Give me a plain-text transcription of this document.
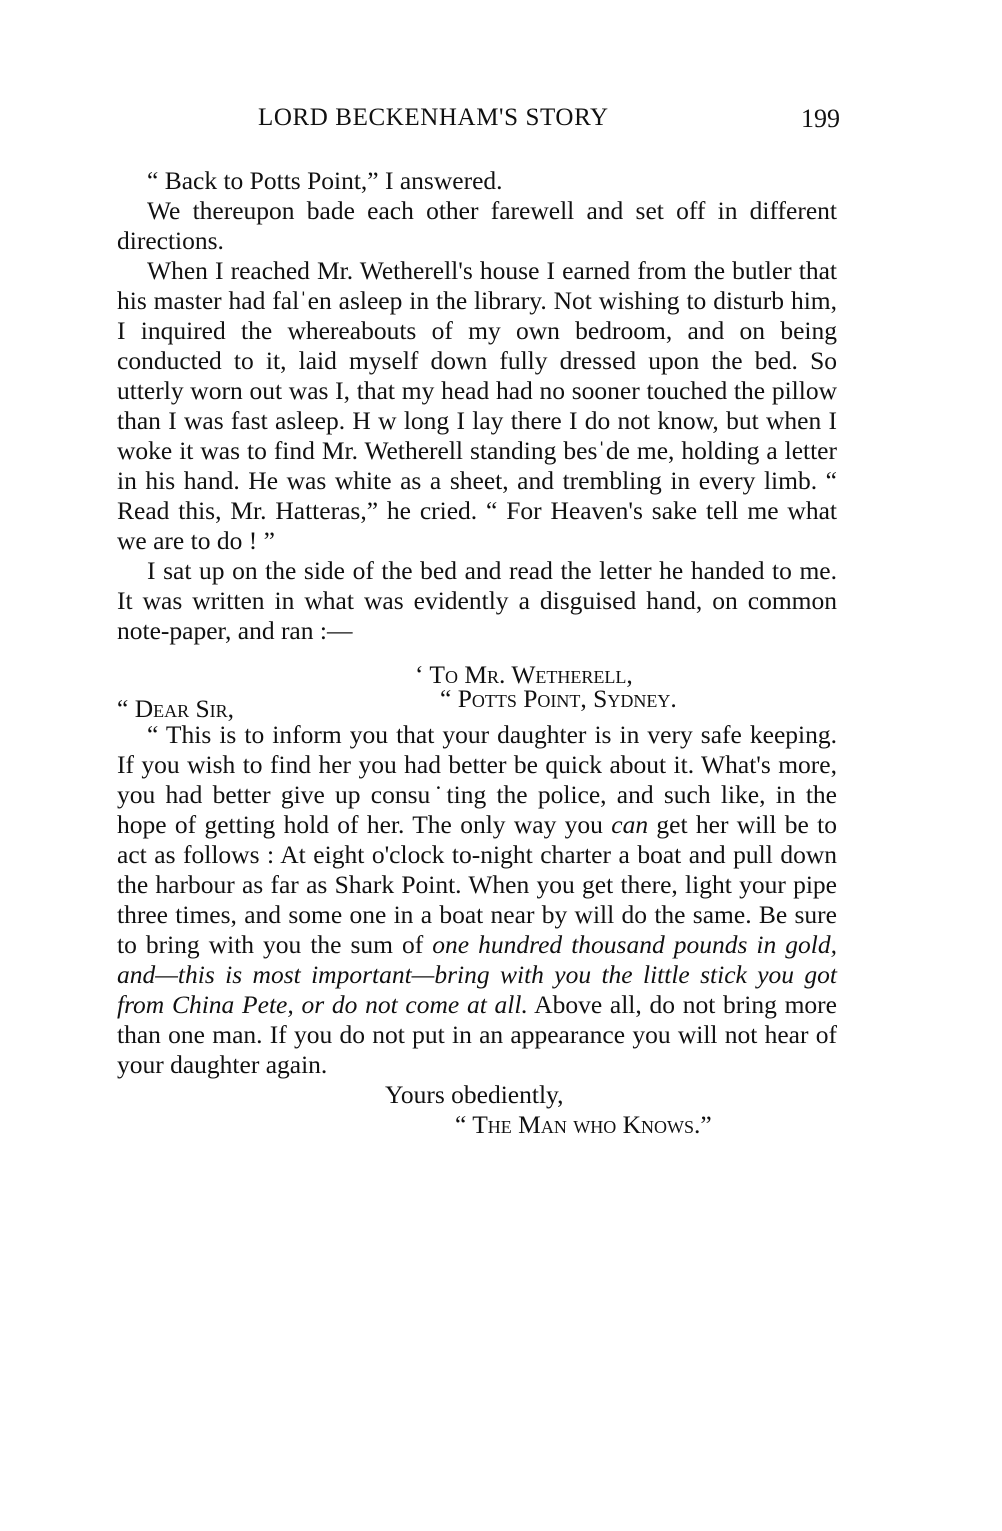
LORD BECKENHAM'S STORY	199

“ Back to Potts Point,” I answered.

We thereupon bade each other farewell and set off in different directions.

When I reached Mr. Wetherell's house I earned from the butler that his master had falˈen asleep in the library. Not wishing to disturb him, I inquired the whereabouts of my own bedroom, and on being conducted to it, laid myself down fully dressed upon the bed. So utterly worn out was I, that my head had no sooner touched the pillow than I was fast asleep. H w long I lay there I do not know, but when I woke it was to find Mr. Wetherell standing besˈde me, holding a letter in his hand. He was white as a sheet, and trembling in every limb. “ Read this, Mr. Hatteras,” he cried. “ For Heaven's sake tell me what we are to do ! ”

I sat up on the side of the bed and read the letter he handed to me. It was written in what was evidently a disguised hand, on common note-paper, and ran :—

‘ To Mr. Wetherell,

“ Dear Sir,	“ Potts Point, Sydney.

“ This is to inform you that your daughter is in very safe keeping. If you wish to find her you had better be quick about it. What's more, you had better give up consu˙ting the police, and such like, in the hope of getting hold of her. The only way you can get her will be to act as follows : At eight o'clock to-night charter a boat and pull down the harbour as far as Shark Point. When you get there, light your pipe three times, and some one in a boat near by will do the same. Be sure to bring with you the sum of one hundred thousand pounds in gold, and—this is most important—bring with you the little stick you got from China Pete, or do not come at all. Above all, do not bring more than one man. If you do not put in an appearance you will not hear of your daughter again.

Yours obediently,

“ The Man who Knows.”
